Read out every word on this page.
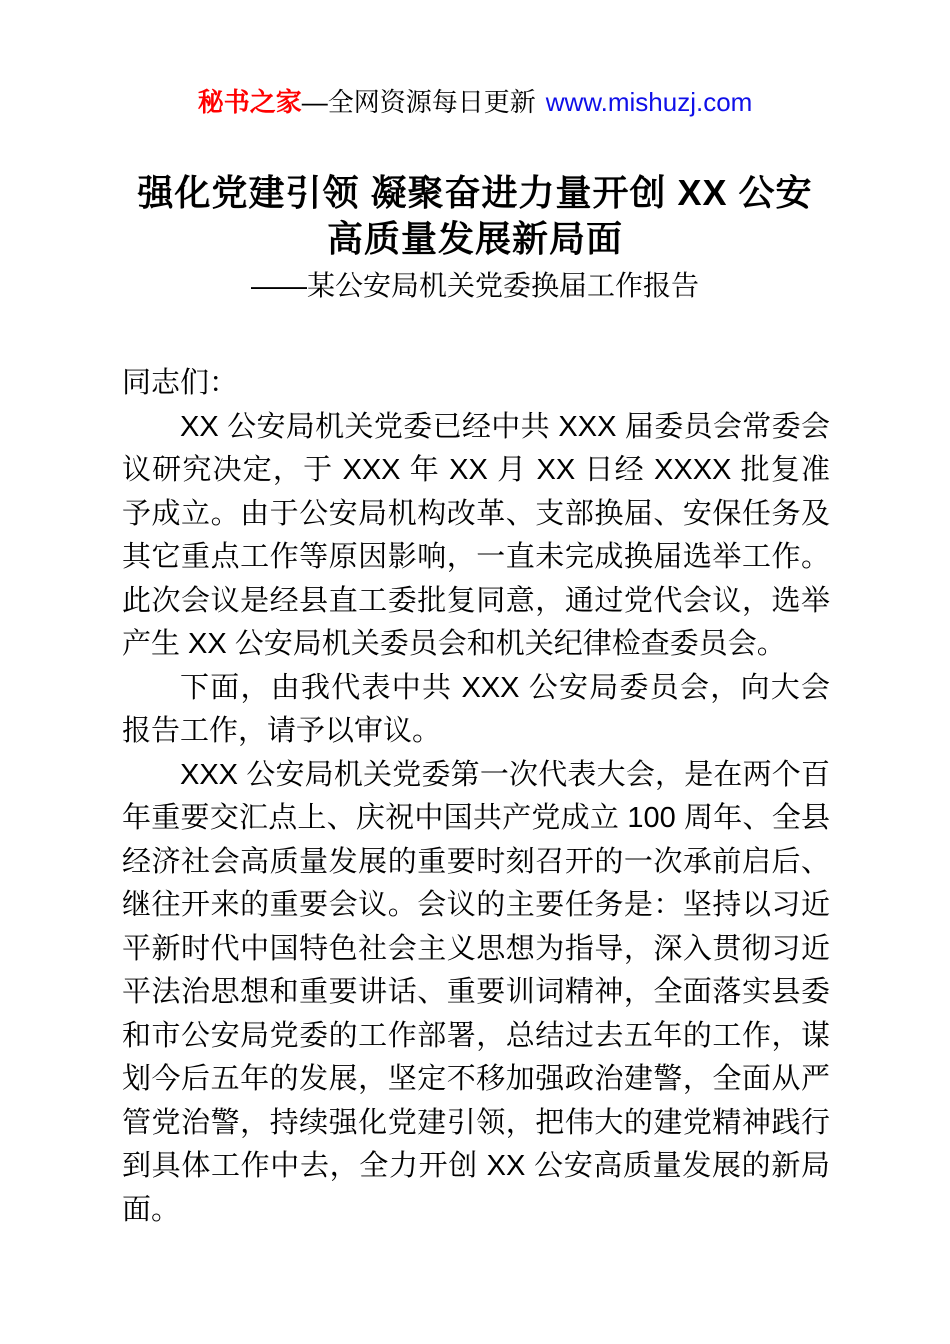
秘书之家—全网资源每日更新 www.mishuzj.com
强化党建引领 凝聚奋进力量开创 XX 公安
高质量发展新局面
——某公安局机关党委换届工作报告

同志们：

XX 公安局机关党委已经中共 XXX 届委员会常委会议研究决定，于 XXX 年 XX 月 XX 日经 XXXX 批复准予成立。由于公安局机构改革、支部换届、安保任务及其它重点工作等原因影响，一直未完成换届选举工作。此次会议是经县直工委批复同意，通过党代会议，选举产生 XX 公安局机关委员会和机关纪律检查委员会。

下面，由我代表中共 XXX 公安局委员会，向大会报告工作，请予以审议。

XXX 公安局机关党委第一次代表大会，是在两个百年重要交汇点上、庆祝中国共产党成立 100 周年、全县经济社会高质量发展的重要时刻召开的一次承前启后、继往开来的重要会议。会议的主要任务是：坚持以习近平新时代中国特色社会主义思想为指导，深入贯彻习近平法治思想和重要讲话、重要训词精神，全面落实县委和市公安局党委的工作部署，总结过去五年的工作，谋划今后五年的发展，坚定不移加强政治建警，全面从严管党治警，持续强化党建引领，把伟大的建党精神践行到具体工作中去，全力开创 XX 公安高质量发展的新局面。
